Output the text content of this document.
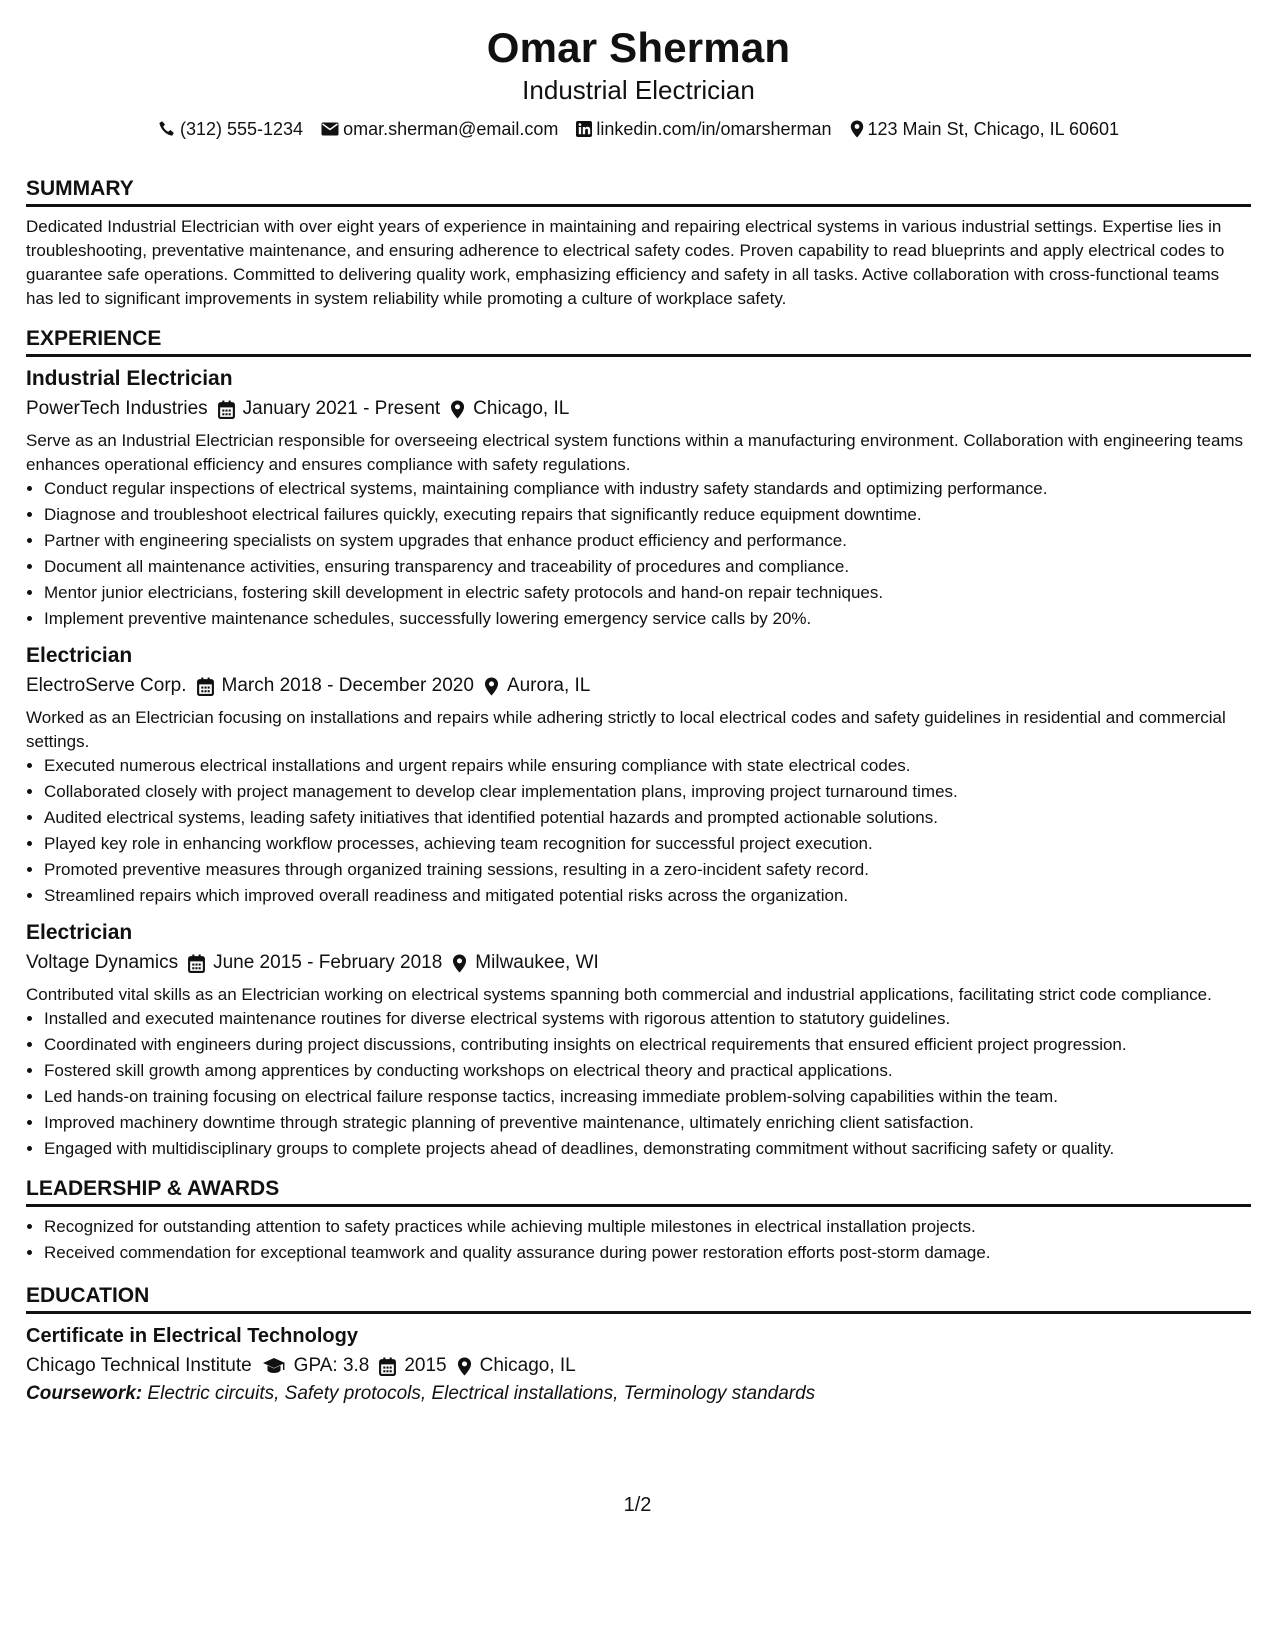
Omar Sherman
Industrial Electrician
(312) 555-1234 omar.sherman@email.com linkedin.com/in/omarsherman 123 Main St, Chicago, IL 60601
SUMMARY

Dedicated Industrial Electrician with over eight years of experience in maintaining and repairing electrical systems in various industrial settings. Expertise lies in troubleshooting, preventative maintenance, and ensuring adherence to electrical safety codes. Proven capability to read blueprints and apply electrical codes to guarantee safe operations. Committed to delivering quality work, emphasizing efficiency and safety in all tasks. Active collaboration with cross-functional teams has led to significant improvements in system reliability while promoting a culture of workplace safety.

EXPERIENCE
Industrial Electrician
PowerTech Industries January 2021 - Present Chicago, IL

Serve as an Industrial Electrician responsible for overseeing electrical system functions within a manufacturing environment. Collaboration with engineering teams enhances operational efficiency and ensures compliance with safety regulations.

• Conduct regular inspections of electrical systems, maintaining compliance with industry safety standards and optimizing performance.
• Diagnose and troubleshoot electrical failures quickly, executing repairs that significantly reduce equipment downtime.
• Partner with engineering specialists on system upgrades that enhance product efficiency and performance.
• Document all maintenance activities, ensuring transparency and traceability of procedures and compliance.
• Mentor junior electricians, fostering skill development in electric safety protocols and hand-on repair techniques.
• Implement preventive maintenance schedules, successfully lowering emergency service calls by 20%.
Electrician
ElectroServe Corp. March 2018 - December 2020 Aurora, IL

Worked as an Electrician focusing on installations and repairs while adhering strictly to local electrical codes and safety guidelines in residential and commercial settings.

• Executed numerous electrical installations and urgent repairs while ensuring compliance with state electrical codes.
• Collaborated closely with project management to develop clear implementation plans, improving project turnaround times.
• Audited electrical systems, leading safety initiatives that identified potential hazards and prompted actionable solutions.
• Played key role in enhancing workflow processes, achieving team recognition for successful project execution.
• Promoted preventive measures through organized training sessions, resulting in a zero-incident safety record.
• Streamlined repairs which improved overall readiness and mitigated potential risks across the organization.
Electrician
Voltage Dynamics June 2015 - February 2018 Milwaukee, WI

Contributed vital skills as an Electrician working on electrical systems spanning both commercial and industrial applications, facilitating strict code compliance.

• Installed and executed maintenance routines for diverse electrical systems with rigorous attention to statutory guidelines.
• Coordinated with engineers during project discussions, contributing insights on electrical requirements that ensured efficient project progression.
• Fostered skill growth among apprentices by conducting workshops on electrical theory and practical applications.
• Led hands-on training focusing on electrical failure response tactics, increasing immediate problem-solving capabilities within the team.
• Improved machinery downtime through strategic planning of preventive maintenance, ultimately enriching client satisfaction.
• Engaged with multidisciplinary groups to complete projects ahead of deadlines, demonstrating commitment without sacrificing safety or quality.
LEADERSHIP & AWARDS
• Recognized for outstanding attention to safety practices while achieving multiple milestones in electrical installation projects.
• Received commendation for exceptional teamwork and quality assurance during power restoration efforts post-storm damage.
EDUCATION
Certificate in Electrical Technology
Chicago Technical Institute GPA: 3.8 2015 Chicago, IL
Coursework: Electric circuits, Safety protocols, Electrical installations, Terminology standards
1/2
